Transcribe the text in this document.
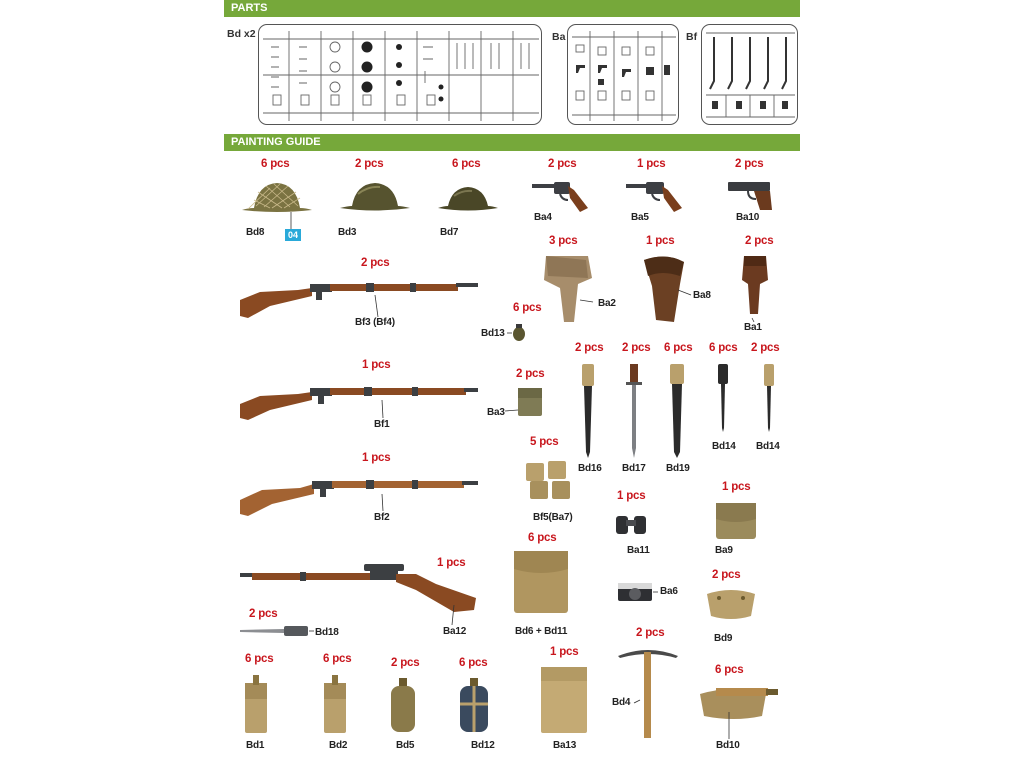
PARTS
Bd x2	Ba	Bf
PAINTING GUIDE
6 pcs
Bd8	04
2 pcs
Bd3
6 pcs
Bd7
2 pcs
Ba4
1 pcs
Ba5
2 pcs
Ba10
2 pcs
Bf3 (Bf4)
3 pcs
Ba2
1 pcs
Ba8
2 pcs
Ba1
6 pcs
Bd13
1 pcs
Bf1
2 pcs
Ba3
2 pcs
Bd16
2 pcs
Bd17
6 pcs
Bd19
6 pcs
Bd14
2 pcs
Bd14
1 pcs
Bf2
5 pcs
Bf5(Ba7)
1 pcs
Ba11
1 pcs
Ba9
1 pcs
Ba12
6 pcs
Bd6 + Bd11
Ba6
2 pcs
Bd9
2 pcs
Bd18
6 pcs
Bd1
6 pcs
Bd2
2 pcs
Bd5
6 pcs
Bd12
1 pcs
Ba13
2 pcs
Bd4
6 pcs
Bd10
